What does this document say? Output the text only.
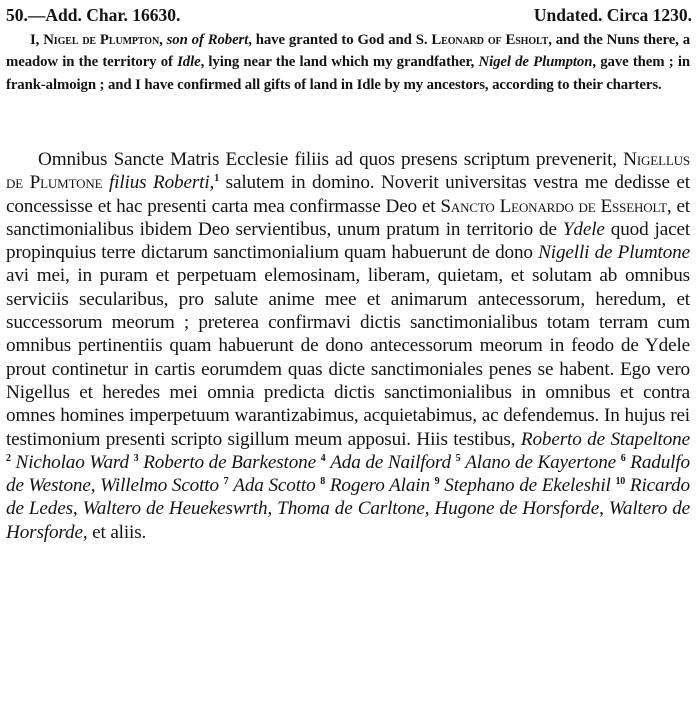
50.—Add. Char. 16630.	Undated. Circa 1230.

I, Nigel de Plumpton, son of Robert, have granted to God and S. Leonard of Esholt, and the Nuns there, a meadow in the territory of Idle, lying near the land which my grandfather, Nigel de Plumpton, gave them ; in frank-almoign ; and I have confirmed all gifts of land in Idle by my ancestors, according to their charters.

Omnibus Sancte Matris Ecclesie filiis ad quos presens scriptum prevenerit, Nigellus de Plumtone filius Roberti,$^1$ salutem in domino. Noverit universitas vestra me dedisse et concessisse et hac presenti carta mea confirmasse Deo et Sancto Leonardo de Esseholt, et sanctimonialibus ibidem Deo servientibus, unum pratum in territorio de Ydele quod jacet propinquius terre dictarum sanctimonialium quam habuerunt de dono Nigelli de Plumtone avi mei, in puram et perpetuam elemosinam, liberam, quietam, et solutam ab omnibus serviciis secularibus, pro salute anime mee et animarum antecessorum, heredum, et successorum meorum ; preterea confirmavi dictis sanctimonialibus totam terram cum omnibus pertinentiis quam habuerunt de dono antecessorum meorum in feodo de Ydele prout continetur in cartis eorumdem quas dicte sanctimoniales penes se habent. Ego vero Nigellus et heredes mei omnia predicta dictis sanctimonialibus in omnibus et contra omnes homines imperpetuum warantizabimus, acquietabimus, ac defendemus. In hujus rei testimonium presenti scripto sigillum meum apposui. Hiis testibus, Roberto de Stapeltone $^2$ Nicholao Ward $^3$ Roberto de Barkestone $^4$ Ada de Nailford $^5$ Alano de Kayertone $^6$ Radulfo de Westone, Willelmo Scotto $^7$ Ada Scotto $^8$ Rogero Alain $^9$ Stephano de Ekeleshil $^{10}$ Ricardo de Ledes, Waltero de Heuekeswrth, Thoma de Carltone, Hugone de Horsforde, Waltero de Horsforde, et aliis.
